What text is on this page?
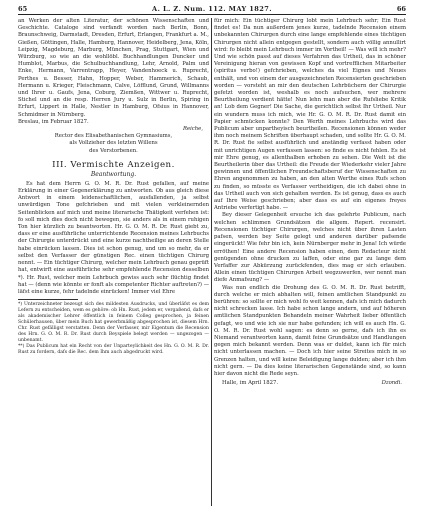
65	A. L. Z. Num. 112. MAY 1827.	66

an Werken der alten Literatur, der schönen Wissenschaften und Geschichte. Cataloge sind verfandt worden nach Berlin, Bonn, Braunschweig, Darmstadt, Dresden, Erfurt, Erlangen, Frankfurt a. M., Gießen, Göttingen, Halle, Hamburg, Hannover, Heidelberg, Jena, Köln, Leipzig, Magdeburg, Marburg, München, Prag, Stuttgart, Wien und Würzburg, so wie an die wohllöbl. Buchhandlungen Duncker und Humblot, Marbus, die Schulbuchhandlung, Lehr, Arnold, Palm und Enke, Hermann, Varrentrapp, Heyer, Vandenhoeck u. Ruprecht, Perthes u. Besser, Hahn, Hopper, Weber, Hammerich, Schaub, Hermann u. Krieger, Fleischmann, Calve, Löfflund, Grund, Willmanns und Ihrer u. Gaufs, Jena, Coburg, Ziemßen, Wittwer u. Ruprecht, Stichel und an die resp. Herren Jury u. Sulz in Berlin, Spiring in Erfurt, Lippert in Halle, Nestler in Hamburg, Ofsius in Hannover, Schmidmer in Nürnberg.

Breslau, im Februar 1827.

Reiche,

Rector des Elisabethanischen Gymnasiums,

als Vollzieher des letzten Willens

des Verstorbenen.

III. Vermischte Anzeigen.
Beantwortung.

Es hat dem Herrn G. O. M. R. Dr. Rust gefallen, auf meine Erklärung in einer Gegenerklärung zu antworten. Ob aus gleich diese Antwort in einem leidenschaftlichen, ausfallenden, ja selbst unwürdigen Tone gefchrieben und mit vielen verkleinernden Seitenblicken auf mich und meine literarische Thätigkeit verfehen ist: fo soll mich dies doch nicht bewegen, sie anders als in einem ruhigen Ton hier kürzlich zu beantworten. Hr. G. O. M. R. Dr. Rust giebt zu, dass er eine ausführliche unterrichtende Recension meines Lehrbuchs der Chirurgie unterdrückt und eine kurze nachtheilige an deren Stelle habe einrücken lassen. Dies ist schon genug, und um so mehr, da er selbst den Verfasser der günstigen Rec. einen tüchtigen Chirurg nennt. — Ein tüchtiger Chirurg, welcher mein Lehrbuch genau geprüft hat, entwirft eine ausführliche sehr empfehlende Recension desselben *). Hr. Rust, welcher mein Lehrbuch gewiss auch sehr flüchtig findet hat — (denn wie könnte er fonft als competenter Richter auftreten?) — läfst eine kurze, fehr tadelnde einrücken! Immer viel Ehre

*) Unterzeichneter bezeugt sich des mildesten Ausdrucks, und überläfst es dem Lefern zu entscheiden, wem es gehöre: ob Hn. Rust, jedem er, vergaßend, dafs er als akademischer Lehrer öffentlich in feinem Colleg gesprochen, ja feinen Schülerhausen, über mein Buch hat gewerbmäßig abgesprochen ist, diesem Hrn. Chr. Rust gefälligst verstatten. Denn der Verfasser, mir Eigentum die Recension des Hrn. G. O. M. R. Dr. Rust durch Beyspiele belegt werden — ungezogen — unbenamt.

**) Das Publicum hat ein Recht von der Unparteylichkeit des Hn. G. O. M. R. Dr. Rust zu fordern, dafs die Rec. dem Ihm auch abgedruckt wird.

für mich: Ein tüchtiger Chirurg lobt mein Lehrbuch sehr; Ein Rust findet es! Da nun außerdem jenes kurze, tadelnde Recension einem unbekannten Chirurgen durch eine lange empfehlende eines tüchtigen Chirurgen nicht allein entgegen gestellt, sondern auch völlig annullirt wird: fo bleibt mein Lehrbuch immer im Vortheil! — Was will ich mehr? Und wie schön passt auf dieses Verfahren das Urtheil, das in schöner Vereinigung hieran von gewissen Kopf und vortrefflichen Mitarbeiter (spiritus verbo!) gefchrieben, welches da viel Eignes und Neues enthält, und von einem der ausgezeichneten Recensierten geschrieben worden — vorsteht an mir den deutschen Lehrbüchern der Chirurgie gefetzt worden ist, weshalb es noch aufsuchen, wer mehrere Beurtheilung verdient hätte! Nun lehn man aber die Rufsliebe Kritik an! Lob dem Gegner! Die Sache, die gerichtlich selbst Ihr Urtheil. Nur ein wundern muss ich mich, wie Hr. G. O. M. R. Dr. Rust damit ein Papier schmücken konnte? Den Werth meines Lehrbuchs wird das Publicum aber unpartheyisch beurtheilen. Recensionen können weder ihm noch meinem Schriften überhaupt schaden, und sollte Hr. G. O. M. R. Dr. Rust fie selbst ausführlich und anständig verfasst haben oder mit unrichtigen Augen verfassen lassen: so finde es nicht fehlen. Es ist mir Ehre genug, es allenthalben erhoben zu sehen. Die Welt ist die Beurtheilerin über das Urtheil: die Freude der Wiederkehr vieler Jahre gewinnen und öffentlichen Freundschaftsberuf der Wissenschaften zu Ehren angenommen zu haben, an den alten Werthe eines Rufs schon zu finden, so müsste es Verfasser vertheidigen, die ich dabei ohne in das Urtheil auch von sich gehalten werden. Es ist genug, dass es auch auf Ihre Weise geschrieben; aber dass es auf ein eigenes freyes Antriebe verfertigt habe. —

Bey dieser Gelegenheit ersuche ich das gelehrte Publicum, nach welchen schlimmen Grundsätzen die allgem. Repert. recensirt. Recensionen tüchtiger Chirurgen, welches nicht über ihren Lasten pafsen, werden bey Seite gelegt und anderen darüber pafsende eingerückt! Wie fehr bin ich, kein Nürnberger mehr in Jena! Ich würde erröthen! Eine andere Recension haben einen, dem Redacteur nicht genügenden ohne drucken zu laffen, oder eine gar zu lange dem Verfaffer zur Abkürzung zurückfenden, dies mag er sich erlauben. Allein einen tüchtigen Chirurgen Arbeit wegzuwerfen, wer nennt man diefe Anmafsung? —

Was nun endlich die Drohung des G. O. M. R. Dr. Rust betrifft, durch welche er mich abhalten will, feinen amtlichen Standpunkt zu berühren: so sollte er mich wohl fo weit kennen, dafs ich mich dadurch nicht schrecken lasse. Ich habe schon lange andern, und auf höheren amtlichen Standpunkten Behandeln meiner Wahrheit lieber öffentlich gefagt, wo und wie ich sie nur habe gefunden; ich will es auch Hn. G. O. M. R. Dr. Rust wohl sagen: es denn so gerne, dafs ich ihn es Niemand verantworten kann, damit feine Grundsätze und Handlungen gegen mich bekannt werden. Denn was er duldet, kann ich für mich nicht unterlassen machen. — Doch ich hier seine Streites mich in so Grenzen halten, und will keine Beleidigung lange dulden; aber ich ihm nicht gern. — Da dies keine literarischen Gegenstände sind, so kann hier davon nicht die Rede seyn.

Halle, im April 1827.	Dzondi.
